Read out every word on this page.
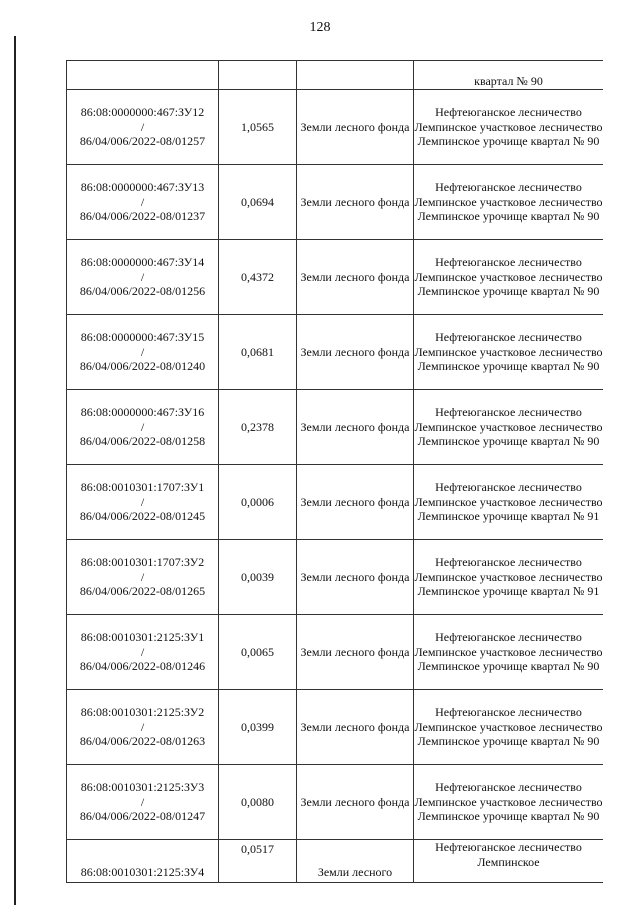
128
			квартал № 90

86:08:0000000:467:ЗУ12
/
86/04/006/2022-08/01257	1,0565	Земли лесного фонда	Нефтеюганское лесничество Лемпинское участковое лесничество Лемпинское урочище квартал № 90

86:08:0000000:467:ЗУ13
/
86/04/006/2022-08/01237	0,0694	Земли лесного фонда	Нефтеюганское лесничество Лемпинское участковое лесничество Лемпинское урочище квартал № 90

86:08:0000000:467:ЗУ14
/
86/04/006/2022-08/01256	0,4372	Земли лесного фонда	Нефтеюганское лесничество Лемпинское участковое лесничество Лемпинское урочище квартал № 90

86:08:0000000:467:ЗУ15
/
86/04/006/2022-08/01240	0,0681	Земли лесного фонда	Нефтеюганское лесничество Лемпинское участковое лесничество Лемпинское урочище квартал № 90

86:08:0000000:467:ЗУ16
/
86/04/006/2022-08/01258	0,2378	Земли лесного фонда	Нефтеюганское лесничество Лемпинское участковое лесничество Лемпинское урочище квартал № 90

86:08:0010301:1707:ЗУ1
/
86/04/006/2022-08/01245	0,0006	Земли лесного фонда	Нефтеюганское лесничество Лемпинское участковое лесничество Лемпинское урочище квартал № 91

86:08:0010301:1707:ЗУ2
/
86/04/006/2022-08/01265	0,0039	Земли лесного фонда	Нефтеюганское лесничество Лемпинское участковое лесничество Лемпинское урочище квартал № 91

86:08:0010301:2125:ЗУ1
/
86/04/006/2022-08/01246	0,0065	Земли лесного фонда	Нефтеюганское лесничество Лемпинское участковое лесничество Лемпинское урочище квартал № 90

86:08:0010301:2125:ЗУ2
/
86/04/006/2022-08/01263	0,0399	Земли лесного фонда	Нефтеюганское лесничество Лемпинское участковое лесничество Лемпинское урочище квартал № 90

86:08:0010301:2125:ЗУ3
/
86/04/006/2022-08/01247	0,0080	Земли лесного фонда	Нефтеюганское лесничество Лемпинское участковое лесничество Лемпинское урочище квартал № 90
86:08:0010301:2125:ЗУ4	0,0517	Земли лесного	Нефтеюганское лесничество Лемпинское
